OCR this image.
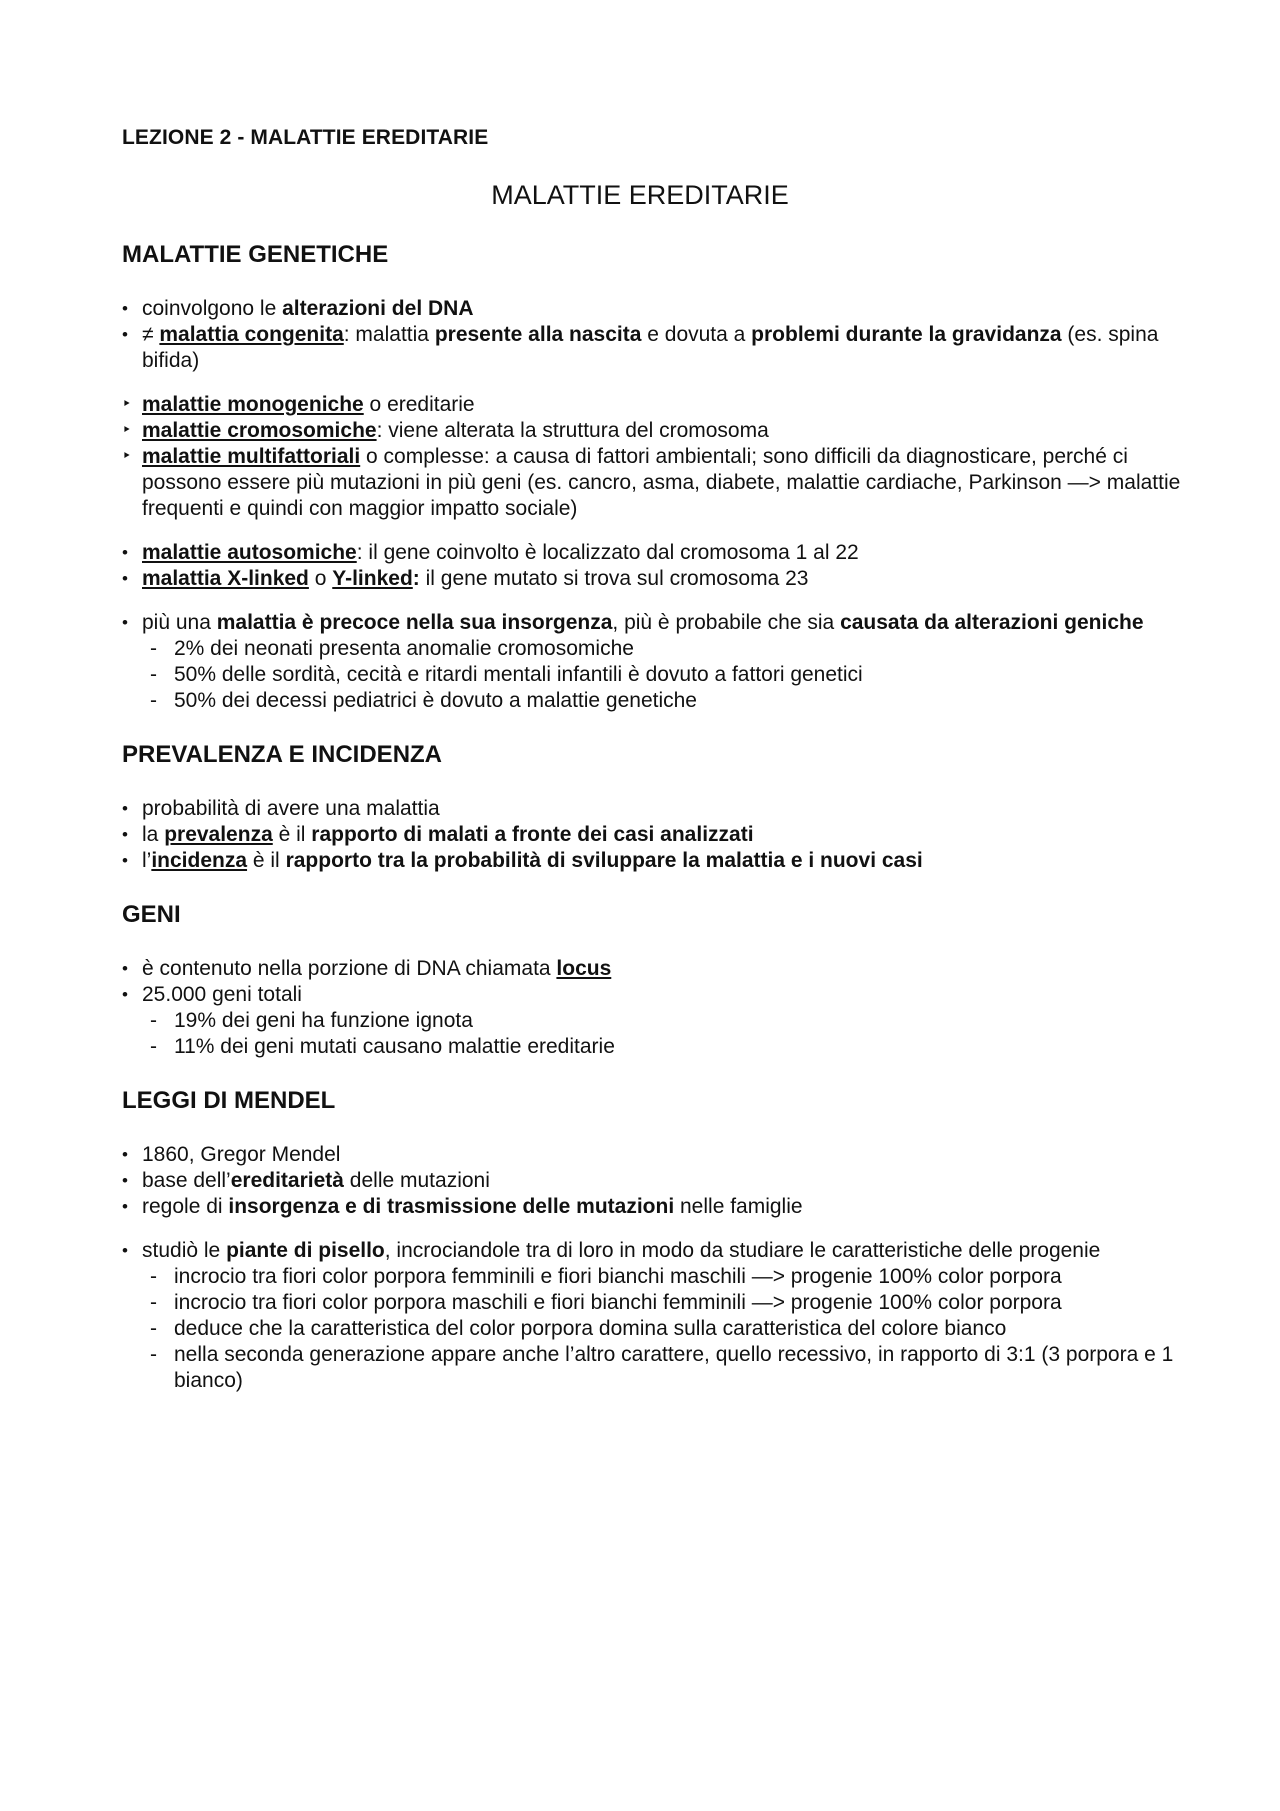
LEZIONE 2 - MALATTIE EREDITARIE
MALATTIE EREDITARIE
MALATTIE GENETICHE
• coinvolgono le alterazioni del DNA
• ≠ malattia congenita: malattia presente alla nascita e dovuta a problemi durante la gravidanza (es. spina bifida)
‣ malattie monogeniche o ereditarie
‣ malattie cromosomiche: viene alterata la struttura del cromosoma
‣ malattie multifattoriali o complesse: a causa di fattori ambientali; sono difficili da diagnosticare, perché ci possono essere più mutazioni in più geni (es. cancro, asma, diabete, malattie cardiache, Parkinson —> malattie frequenti e quindi con maggior impatto sociale)
• malattie autosomiche: il gene coinvolto è localizzato dal cromosoma 1 al 22
• malattia X-linked o Y-linked: il gene mutato si trova sul cromosoma 23
• più una malattia è precoce nella sua insorgenza, più è probabile che sia causata da alterazioni geniche
- 2% dei neonati presenta anomalie cromosomiche
- 50% delle sordità, cecità e ritardi mentali infantili è dovuto a fattori genetici
- 50% dei decessi pediatrici è dovuto a malattie genetiche
PREVALENZA E INCIDENZA
• probabilità di avere una malattia
• la prevalenza è il rapporto di malati a fronte dei casi analizzati
• l’incidenza è il rapporto tra la probabilità di sviluppare la malattia e i nuovi casi
GENI
• è contenuto nella porzione di DNA chiamata locus
• 25.000 geni totali
- 19% dei geni ha funzione ignota
- 11% dei geni mutati causano malattie ereditarie
LEGGI DI MENDEL
• 1860, Gregor Mendel
• base dell’ereditarietà delle mutazioni
• regole di insorgenza e di trasmissione delle mutazioni nelle famiglie
• studiò le piante di pisello, incrociandole tra di loro in modo da studiare le caratteristiche delle progenie
- incrocio tra fiori color porpora femminili e fiori bianchi maschili —> progenie 100% color porpora
- incrocio tra fiori color porpora maschili e fiori bianchi femminili —> progenie 100% color porpora
- deduce che la caratteristica del color porpora domina sulla caratteristica del colore bianco
- nella seconda generazione appare anche l’altro carattere, quello recessivo, in rapporto di 3:1 (3 porpora e 1 bianco)
